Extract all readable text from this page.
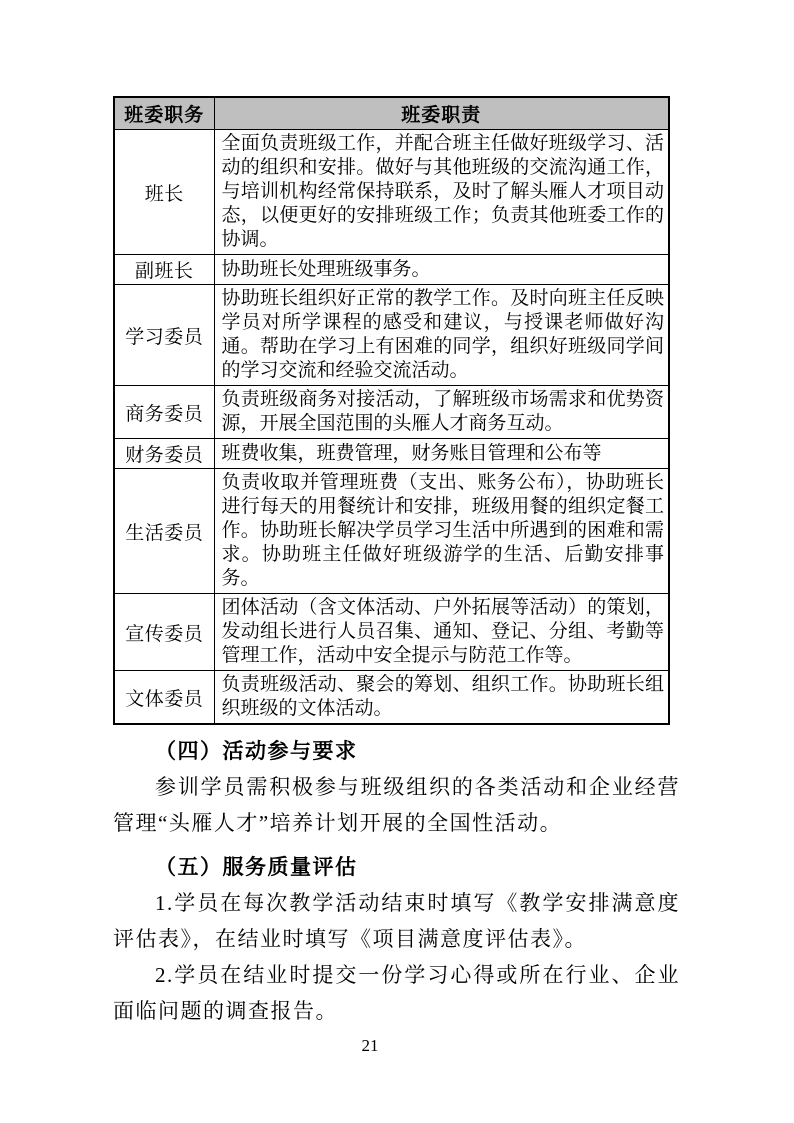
班委职务	班委职责
班长	全面负责班级工作，并配合班主任做好班级学习、活动的组织和安排。做好与其他班级的交流沟通工作，与培训机构经常保持联系，及时了解头雁人才项目动态，以便更好的安排班级工作；负责其他班委工作的协调。
副班长	协助班长处理班级事务。
学习委员	协助班长组织好正常的教学工作。及时向班主任反映学员对所学课程的感受和建议，与授课老师做好沟通。帮助在学习上有困难的同学，组织好班级同学间的学习交流和经验交流活动。
商务委员	负责班级商务对接活动，了解班级市场需求和优势资源，开展全国范围的头雁人才商务互动。
财务委员	班费收集，班费管理，财务账目管理和公布等
生活委员	负责收取并管理班费（支出、账务公布），协助班长进行每天的用餐统计和安排，班级用餐的组织定餐工作。协助班长解决学员学习生活中所遇到的困难和需求。协助班主任做好班级游学的生活、后勤安排事务。
宣传委员	团体活动（含文体活动、户外拓展等活动）的策划，发动组长进行人员召集、通知、登记、分组、考勤等管理工作，活动中安全提示与防范工作等。
文体委员	负责班级活动、聚会的筹划、组织工作。协助班长组织班级的文体活动。
（四）活动参与要求

参训学员需积极参与班级组织的各类活动和企业经营管理“头雁人才”培养计划开展的全国性活动。

（五）服务质量评估

1.学员在每次教学活动结束时填写《教学安排满意度评估表》，在结业时填写《项目满意度评估表》。

2.学员在结业时提交一份学习心得或所在行业、企业面临问题的调查报告。

21
